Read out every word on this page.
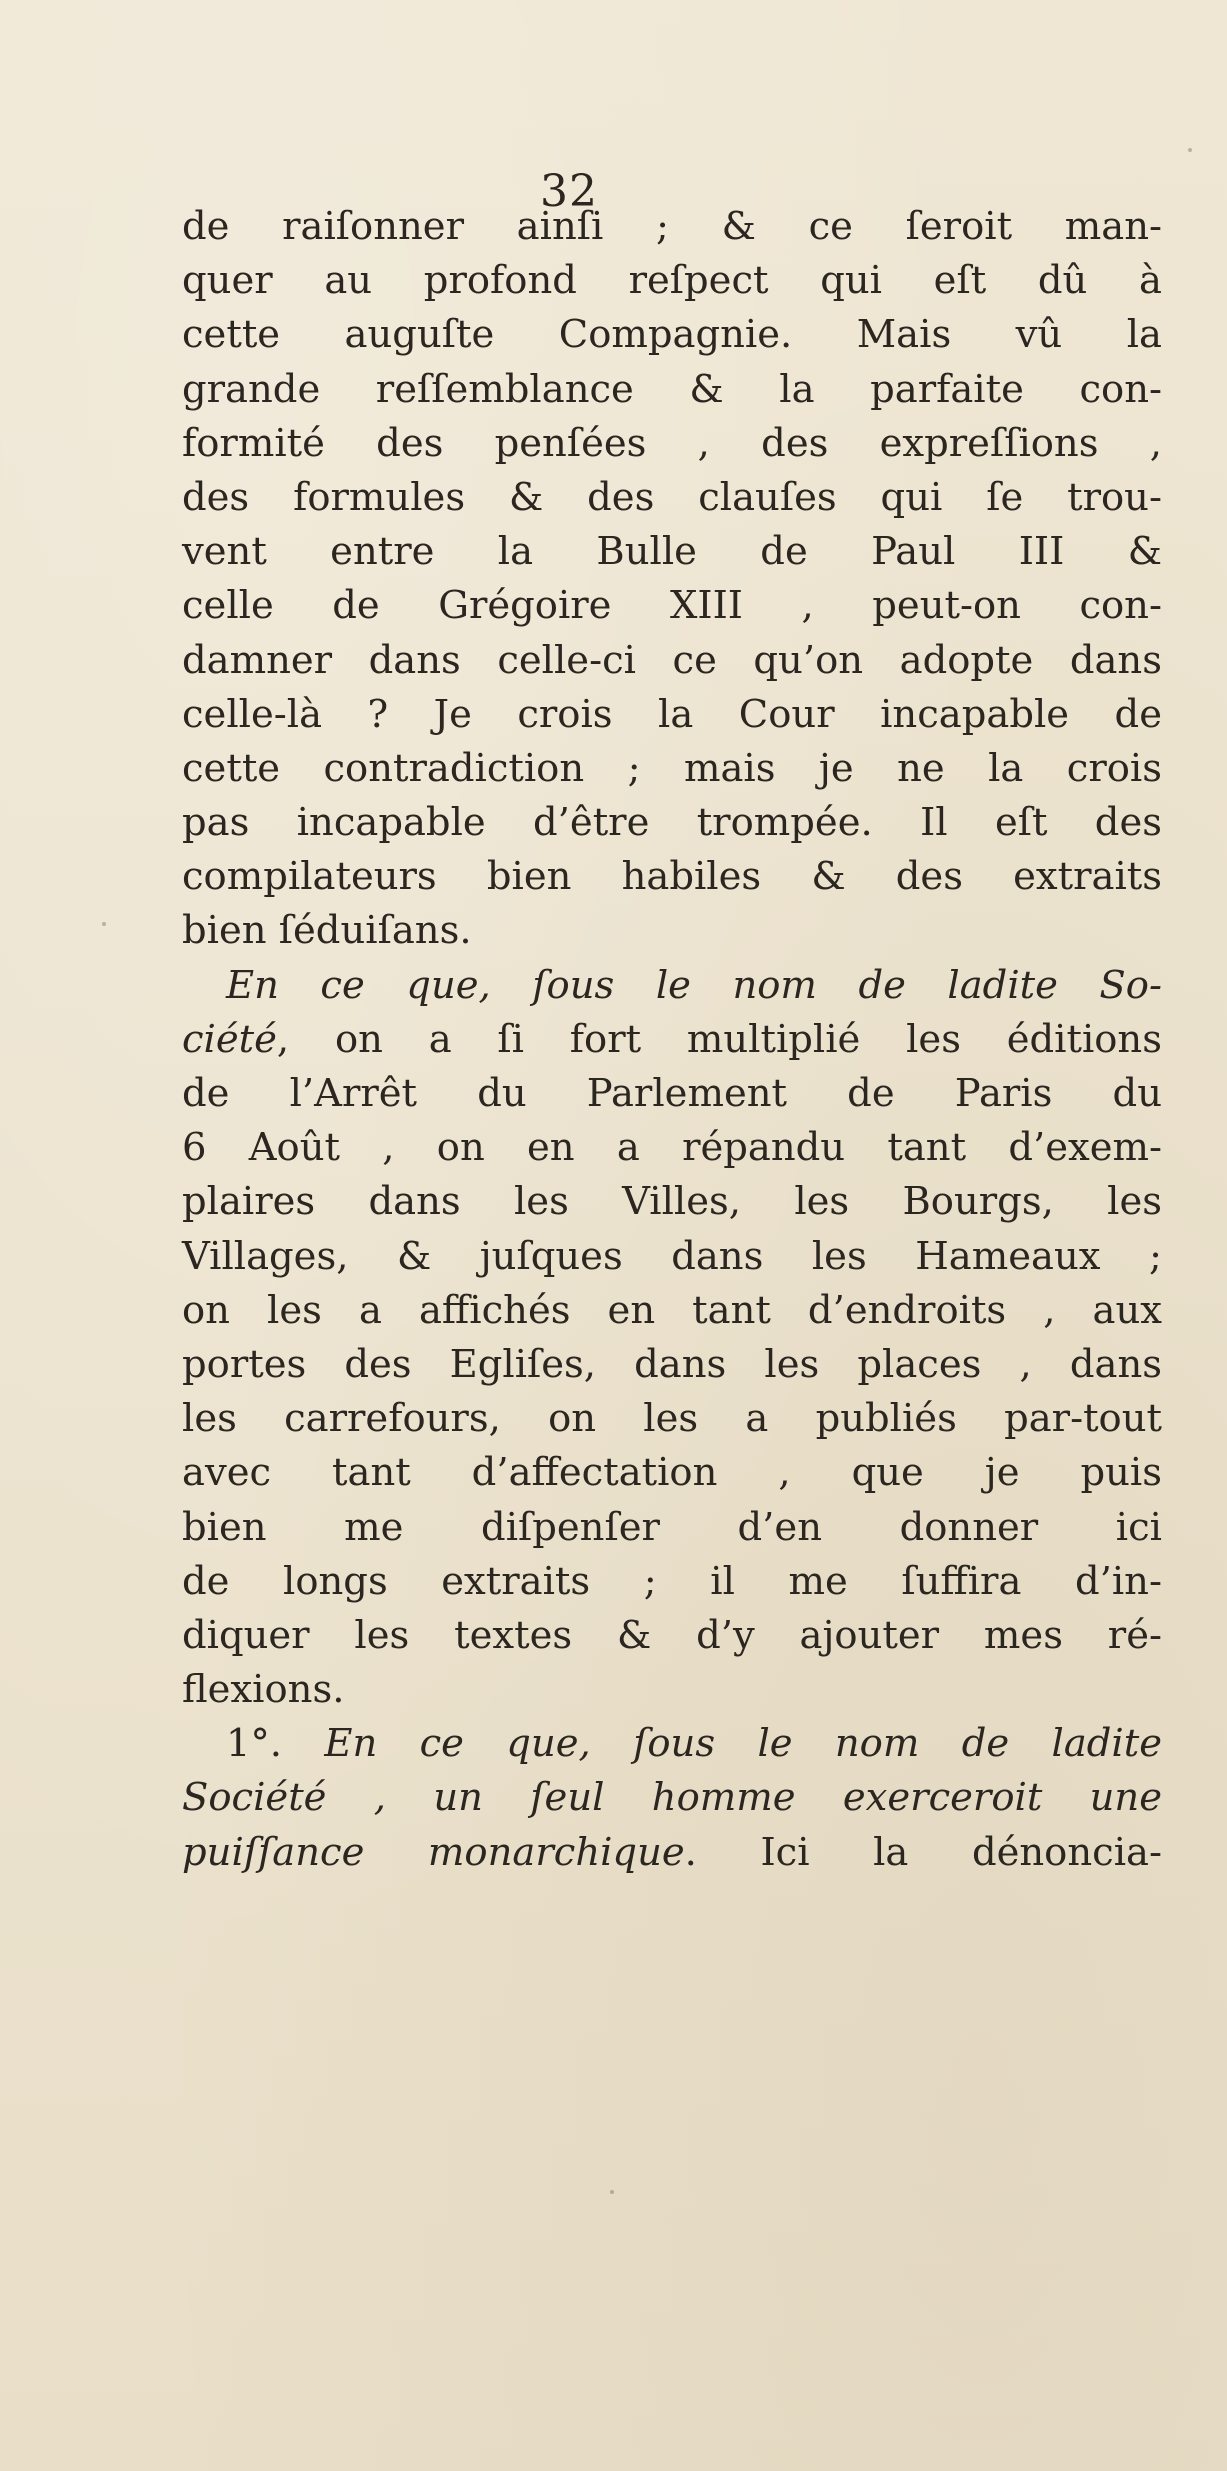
32
de raiſonner ainſi ; & ce ſeroit man-
quer au profond reſpect qui eſt dû à
cette auguſte Compagnie. Mais vû la
grande reſſemblance & la parfaite con-
formité des penſées , des expreſſions ,
des formules & des clauſes qui ſe trou-
vent entre la Bulle de Paul III &
celle de Grégoire XIII , peut-on con-
damner dans celle-ci ce qu’on adopte dans
celle-là ? Je crois la Cour incapable de
cette contradiction ; mais je ne la crois
pas incapable d’être trompée. Il eſt des
compilateurs bien habiles & des extraits
bien ſéduiſans.
En ce que, ſous le nom de ladite So-
ciété, on a ſi fort multiplié les éditions
de l’Arrêt du Parlement de Paris du
6 Août , on en a répandu tant d’exem-
plaires dans les Villes, les Bourgs, les
Villages, & juſques dans les Hameaux ;
on les a affichés en tant d’endroits , aux
portes des Egliſes, dans les places , dans
les carrefours, on les a publiés par-tout
avec tant d’affectation , que je puis
bien me diſpenſer d’en donner ici
de longs extraits ; il me ſuffira d’in-
diquer les textes & d’y ajouter mes ré-
flexions.
1°. En ce que, ſous le nom de ladite
Société , un ſeul homme exerceroit une
puiſſance monarchique. Ici la dénoncia-
